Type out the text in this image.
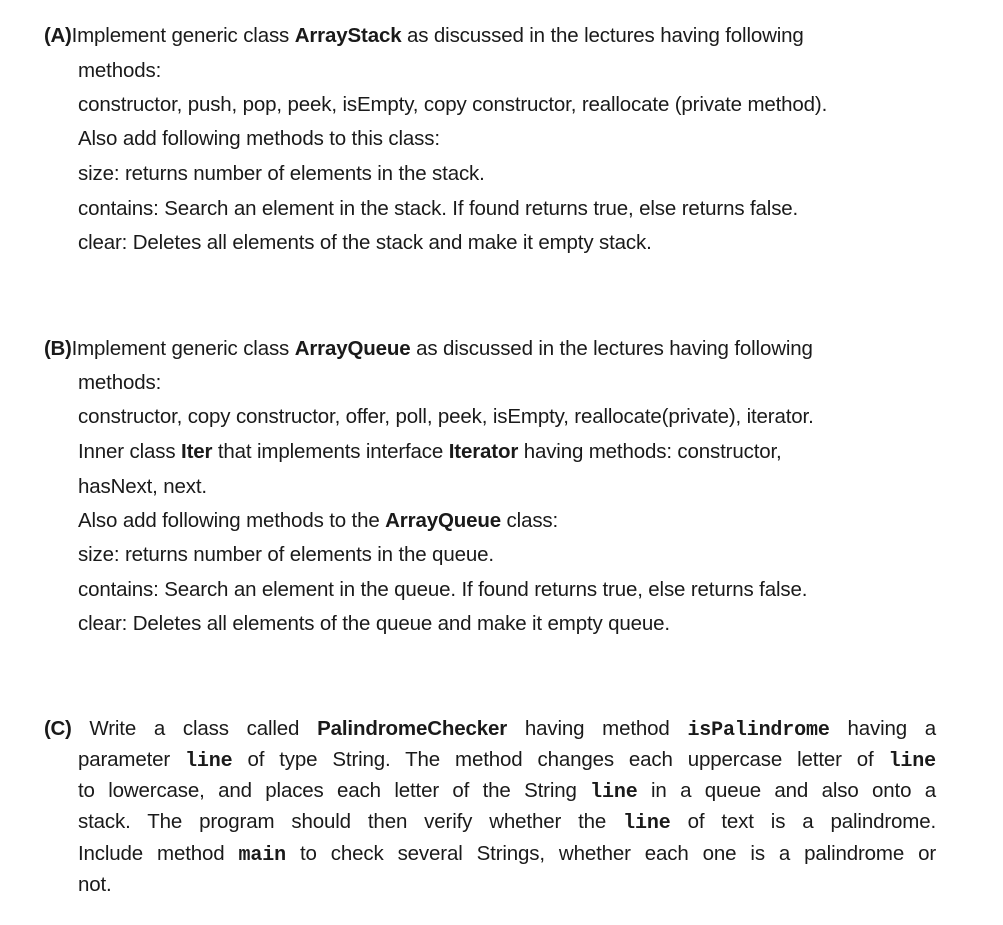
(A)Implement generic class ArrayStack as discussed in the lectures having following
methods:
constructor, push, pop, peek, isEmpty, copy constructor, reallocate (private method).
Also add following methods to this class:
size: returns number of elements in the stack.
contains: Search an element in the stack. If found returns true, else returns false.
clear: Deletes all elements of the stack and make it empty stack.
(B)Implement generic class ArrayQueue as discussed in the lectures having following
methods:
constructor, copy constructor, offer, poll, peek, isEmpty, reallocate(private), iterator.
Inner class Iter that implements interface Iterator having methods: constructor,
hasNext, next.
Also add following methods to the ArrayQueue class:
size: returns number of elements in the queue.
contains: Search an element in the queue. If found returns true, else returns false.
clear: Deletes all elements of the queue and make it empty queue.
(C) Write a class called PalindromeChecker having method isPalindrome having a
parameter line of type String. The method changes each uppercase letter of line
to lowercase, and places each letter of the String line in a queue and also onto a
stack. The program should then verify whether the line of text is a palindrome.
Include method main to check several Strings, whether each one is a palindrome or
not.
